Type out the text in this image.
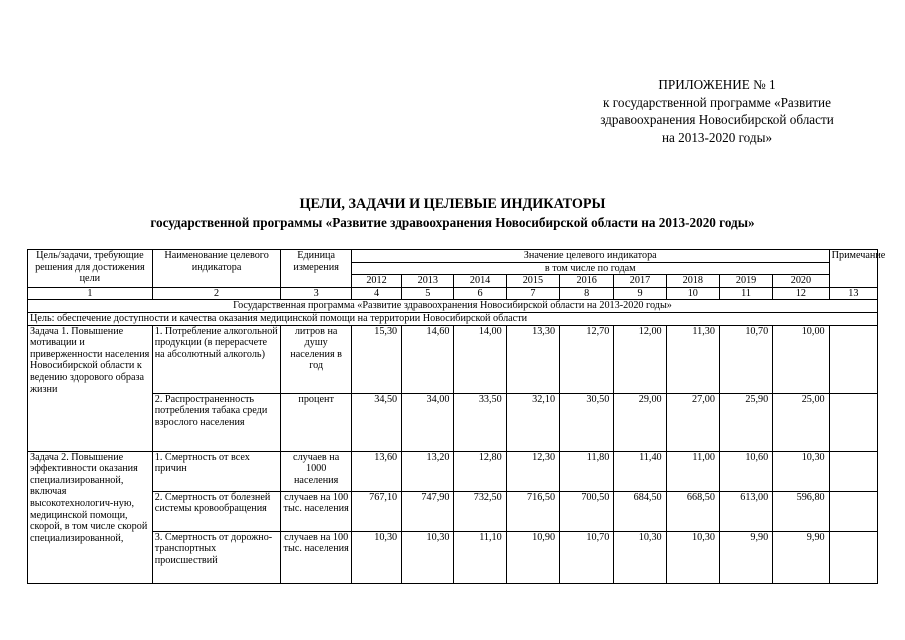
ПРИЛОЖЕНИЕ № 1
к государственной программе «Развитие
здравоохранения Новосибирской области
на 2013-2020 годы»
ЦЕЛИ, ЗАДАЧИ И ЦЕЛЕВЫЕ ИНДИКАТОРЫ
государственной программы «Развитие здравоохранения Новосибирской области на 2013-2020 годы»
Цель/задачи, требующие решения для достижения цели	Наименование целевого индикатора	Единица измерения	Значение целевого индикатора									Примечание
			в том числе по годам									
			2012	2013	2014	2015	2016	2017	2018	2019	2020	
1	2	3	4	5	6	7	8	9	10	11	12	13
Государственная программа «Развитие здравоохранения Новосибирской области на 2013-2020 годы»												
Цель: обеспечение доступности и качества оказания медицинской помощи на территории Новосибирской области												
Задача 1. Повышение мотивации и приверженности населения Новосибирской области к ведению здорового образа жизни	1. Потребление алкогольной продукции (в перерасчете на абсолютный алкоголь)	литров на душу населения в год	15,30	14,60	14,00	13,30	12,70	12,00	11,30	10,70	10,00	
	2. Распространенность потребления табака среди взрослого населения	процент	34,50	34,00	33,50	32,10	30,50	29,00	27,00	25,90	25,00	
Задача 2. Повышение эффективности оказания специализированной, включая высокотехнологич-ную, медицинской помощи, скорой, в том числе скорой специализированной,	1. Смертность от всех причин	случаев на 1000 населения	13,60	13,20	12,80	12,30	11,80	11,40	11,00	10,60	10,30	
	2. Смертность от болезней системы кровообращения	случаев на 100 тыс. населения	767,10	747,90	732,50	716,50	700,50	684,50	668,50	613,00	596,80	
	3. Смертность от дорожно-транспортных происшествий	случаев на 100 тыс. населения	10,30	10,30	11,10	10,90	10,70	10,30	10,30	9,90	9,90	
